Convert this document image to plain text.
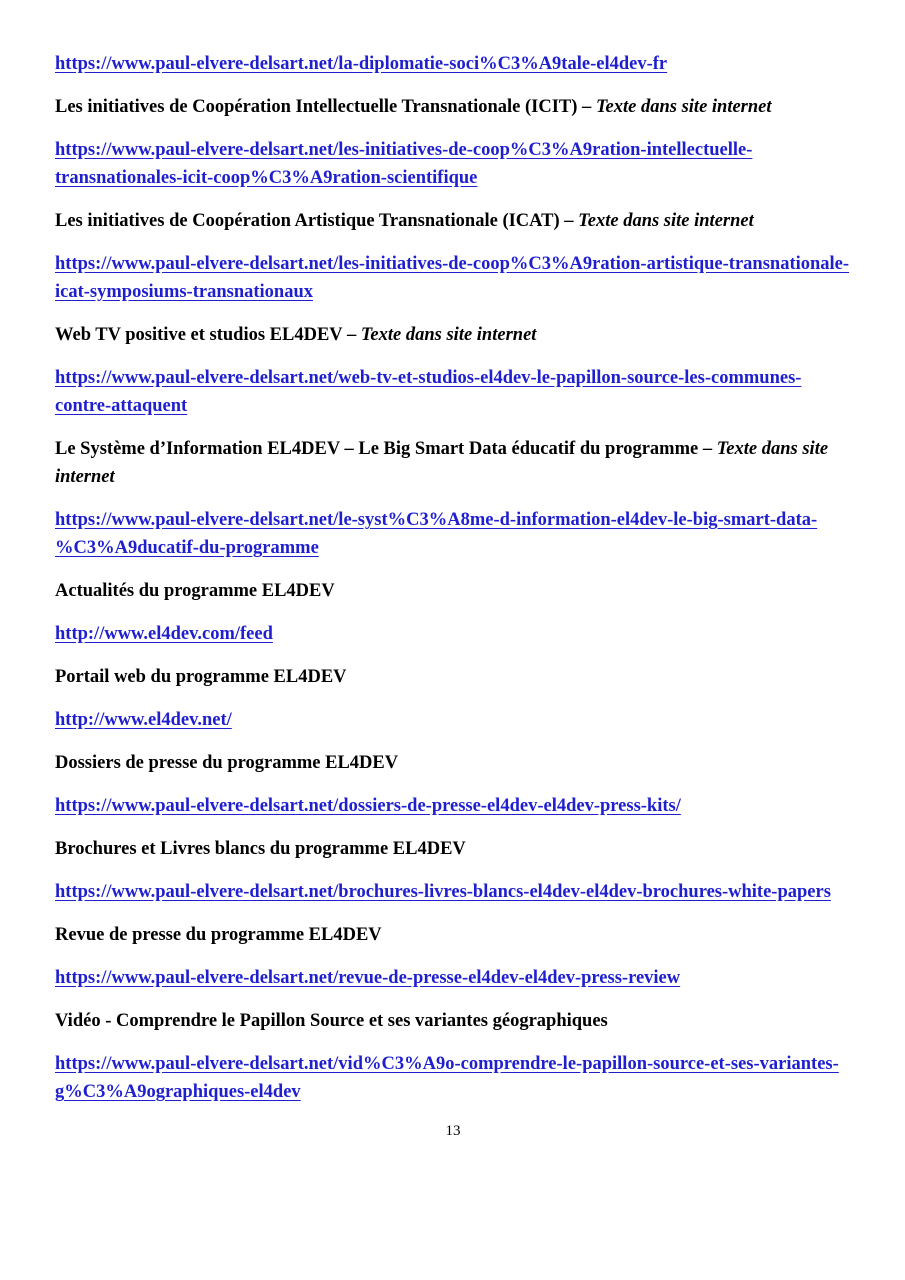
https://www.paul-elvere-delsart.net/la-diplomatie-soci%C3%A9tale-el4dev-fr

Les initiatives de Coopération Intellectuelle Transnationale (ICIT) – Texte dans site internet

https://www.paul-elvere-delsart.net/les-initiatives-de-coop%C3%A9ration-intellectuelle-transnationales-icit-coop%C3%A9ration-scientifique

Les initiatives de Coopération Artistique Transnationale (ICAT) – Texte dans site internet

https://www.paul-elvere-delsart.net/les-initiatives-de-coop%C3%A9ration-artistique-transnationale-icat-symposiums-transnationaux

Web TV positive et studios EL4DEV – Texte dans site internet

https://www.paul-elvere-delsart.net/web-tv-et-studios-el4dev-le-papillon-source-les-communes-contre-attaquent

Le Système d’Information EL4DEV – Le Big Smart Data éducatif du programme – Texte dans site internet

https://www.paul-elvere-delsart.net/le-syst%C3%A8me-d-information-el4dev-le-big-smart-data-%C3%A9ducatif-du-programme

Actualités du programme EL4DEV

http://www.el4dev.com/feed

Portail web du programme EL4DEV

http://www.el4dev.net/

Dossiers de presse du programme EL4DEV

https://www.paul-elvere-delsart.net/dossiers-de-presse-el4dev-el4dev-press-kits/

Brochures et Livres blancs du programme EL4DEV

https://www.paul-elvere-delsart.net/brochures-livres-blancs-el4dev-el4dev-brochures-white-papers

Revue de presse du programme EL4DEV

https://www.paul-elvere-delsart.net/revue-de-presse-el4dev-el4dev-press-review

Vidéo - Comprendre le Papillon Source et ses variantes géographiques

https://www.paul-elvere-delsart.net/vid%C3%A9o-comprendre-le-papillon-source-et-ses-variantes-g%C3%A9ographiques-el4dev

13
